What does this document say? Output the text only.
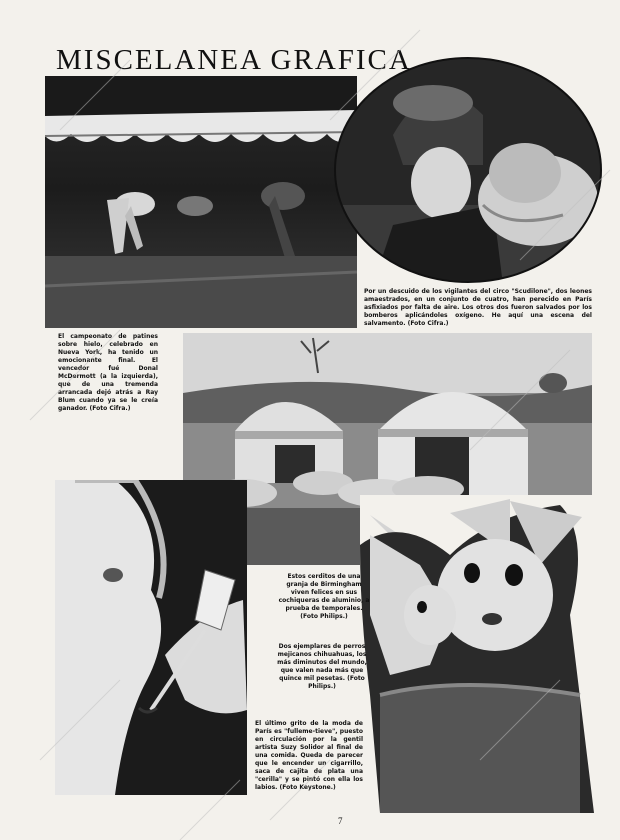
MISCELANEA GRAFICA
Por un descuido de los vigilantes del circo "Scudilone", dos leones amaestrados, en un conjunto de cuatro, han perecido en París asfixiados por falta de aire. Los otros dos fueron salvados por los bomberos aplicándoles oxígeno. He aquí una escena del salvamento. (Foto Cifra.)
El campeonato de patines sobre hielo, celebrado en Nueva York, ha tenido un emocionante final. El vencedor fué Donal McDermott (a la izquierda), que de una tremenda arrancada dejó atrás a Ray Blum cuando ya se le creía ganador. (Foto Cifra.)
Estos cerditos de una granja de Birmingham viven felices en sus cochiqueras de aluminio, a prueba de temporales. (Foto Philips.)
Dos ejemplares de perros mejicanos chihuahuas, los más diminutos del mundo, que valen nada más que quince mil pesetas. (Foto Philips.)
El último grito de la moda de París es "fulleme-tieve", puesto en circulación por la gentil artista Suzy Solidor al final de una comida. Queda de parecer que le encender un cigarrillo, saca de cajita de plata una "cerilla" y se pintó con ella los labios. (Foto Keystone.)
7
